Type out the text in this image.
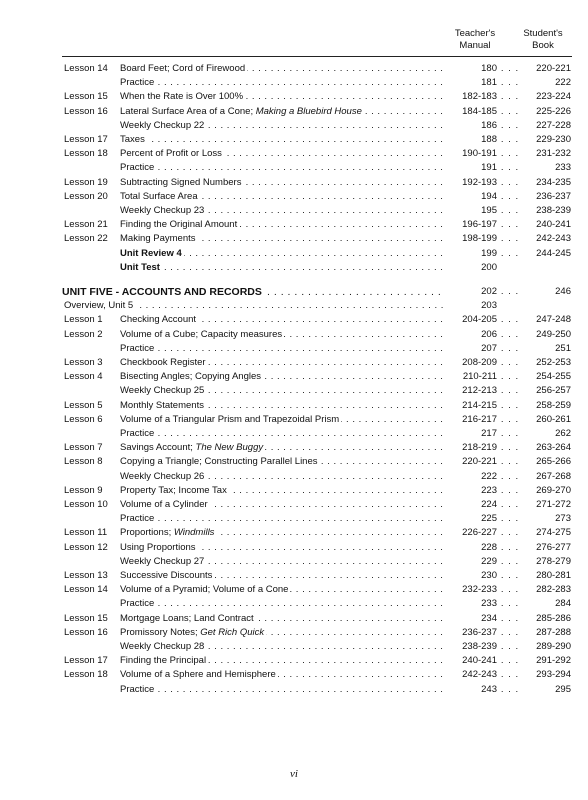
Teacher's Manual
Student's Book
Lesson 14 Board Feet; Cord of Firewood . . .	180 . . .	220-221
Practice . . .	181 . . .	222
Lesson 15 When the Rate is Over 100% . . .	182-183 . . .	223-224
Lesson 16 Lateral Surface Area of a Cone; Making a Bluebird House . . .	184-185 . . .	225-226
Weekly Checkup 22 . . .	186 . . .	227-228
Lesson 17 Taxes . . .	188 . . .	229-230
Lesson 18 Percent of Profit or Loss . . .	190-191 . . .	231-232
Practice . . .	191 . . .	233
Lesson 19 Subtracting Signed Numbers . . .	192-193 . . .	234-235
Lesson 20 Total Surface Area . . .	194 . . .	236-237
Weekly Checkup 23 . . .	195 . . .	238-239
Lesson 21 Finding the Original Amount . . .	196-197 . . .	240-241
Lesson 22 Making Payments . . .	198-199 . . .	242-243
Unit Review 4 . . .	199 . . .	244-245
Unit Test . . .	200
UNIT FIVE - ACCOUNTS AND RECORDS . . .	202 . . .	246
Overview, Unit 5 . . .	203
Lesson 1 Checking Account . . .	204-205 . . .	247-248
Lesson 2 Volume of a Cube; Capacity measures . . .	206 . . .	249-250
Practice . . .	207 . . .	251
Lesson 3 Checkbook Register . . .	208-209 . . .	252-253
Lesson 4 Bisecting Angles; Copying Angles . . .	210-211 . . .	254-255
Weekly Checkup 25 . . .	212-213 . . .	256-257
Lesson 5 Monthly Statements . . .	214-215 . . .	258-259
Lesson 6 Volume of a Triangular Prism and Trapezoidal Prism . . .	216-217 . . .	260-261
Practice . . .	217 . . .	262
Lesson 7 Savings Account; The New Buggy . . .	218-219 . . .	263-264
Lesson 8 Copying a Triangle; Constructing Parallel Lines . . .	220-221 . . .	265-266
Weekly Checkup 26 . . .	222 . . .	267-268
Lesson 9 Property Tax; Income Tax . . .	223 . . .	269-270
Lesson 10 Volume of a Cylinder . . .	224 . . .	271-272
Practice . . .	225 . . .	273
Lesson 11 Proportions; Windmills . . .	226-227 . . .	274-275
Lesson 12 Using Proportions . . .	228 . . .	276-277
Weekly Checkup 27 . . .	229 . . .	278-279
Lesson 13 Successive Discounts . . .	230 . . .	280-281
Lesson 14 Volume of a Pyramid; Volume of a Cone . . .	232-233 . . .	282-283
Practice . . .	233 . . .	284
Lesson 15 Mortgage Loans; Land Contract . . .	234 . . .	285-286
Lesson 16 Promissory Notes; Get Rich Quick . . .	236-237 . . .	287-288
Weekly Checkup 28 . . .	238-239 . . .	289-290
Lesson 17 Finding the Principal . . .	240-241 . . .	291-292
Lesson 18 Volume of a Sphere and Hemisphere . . .	242-243 . . .	293-294
Practice . . .	243 . . .	295
vi
